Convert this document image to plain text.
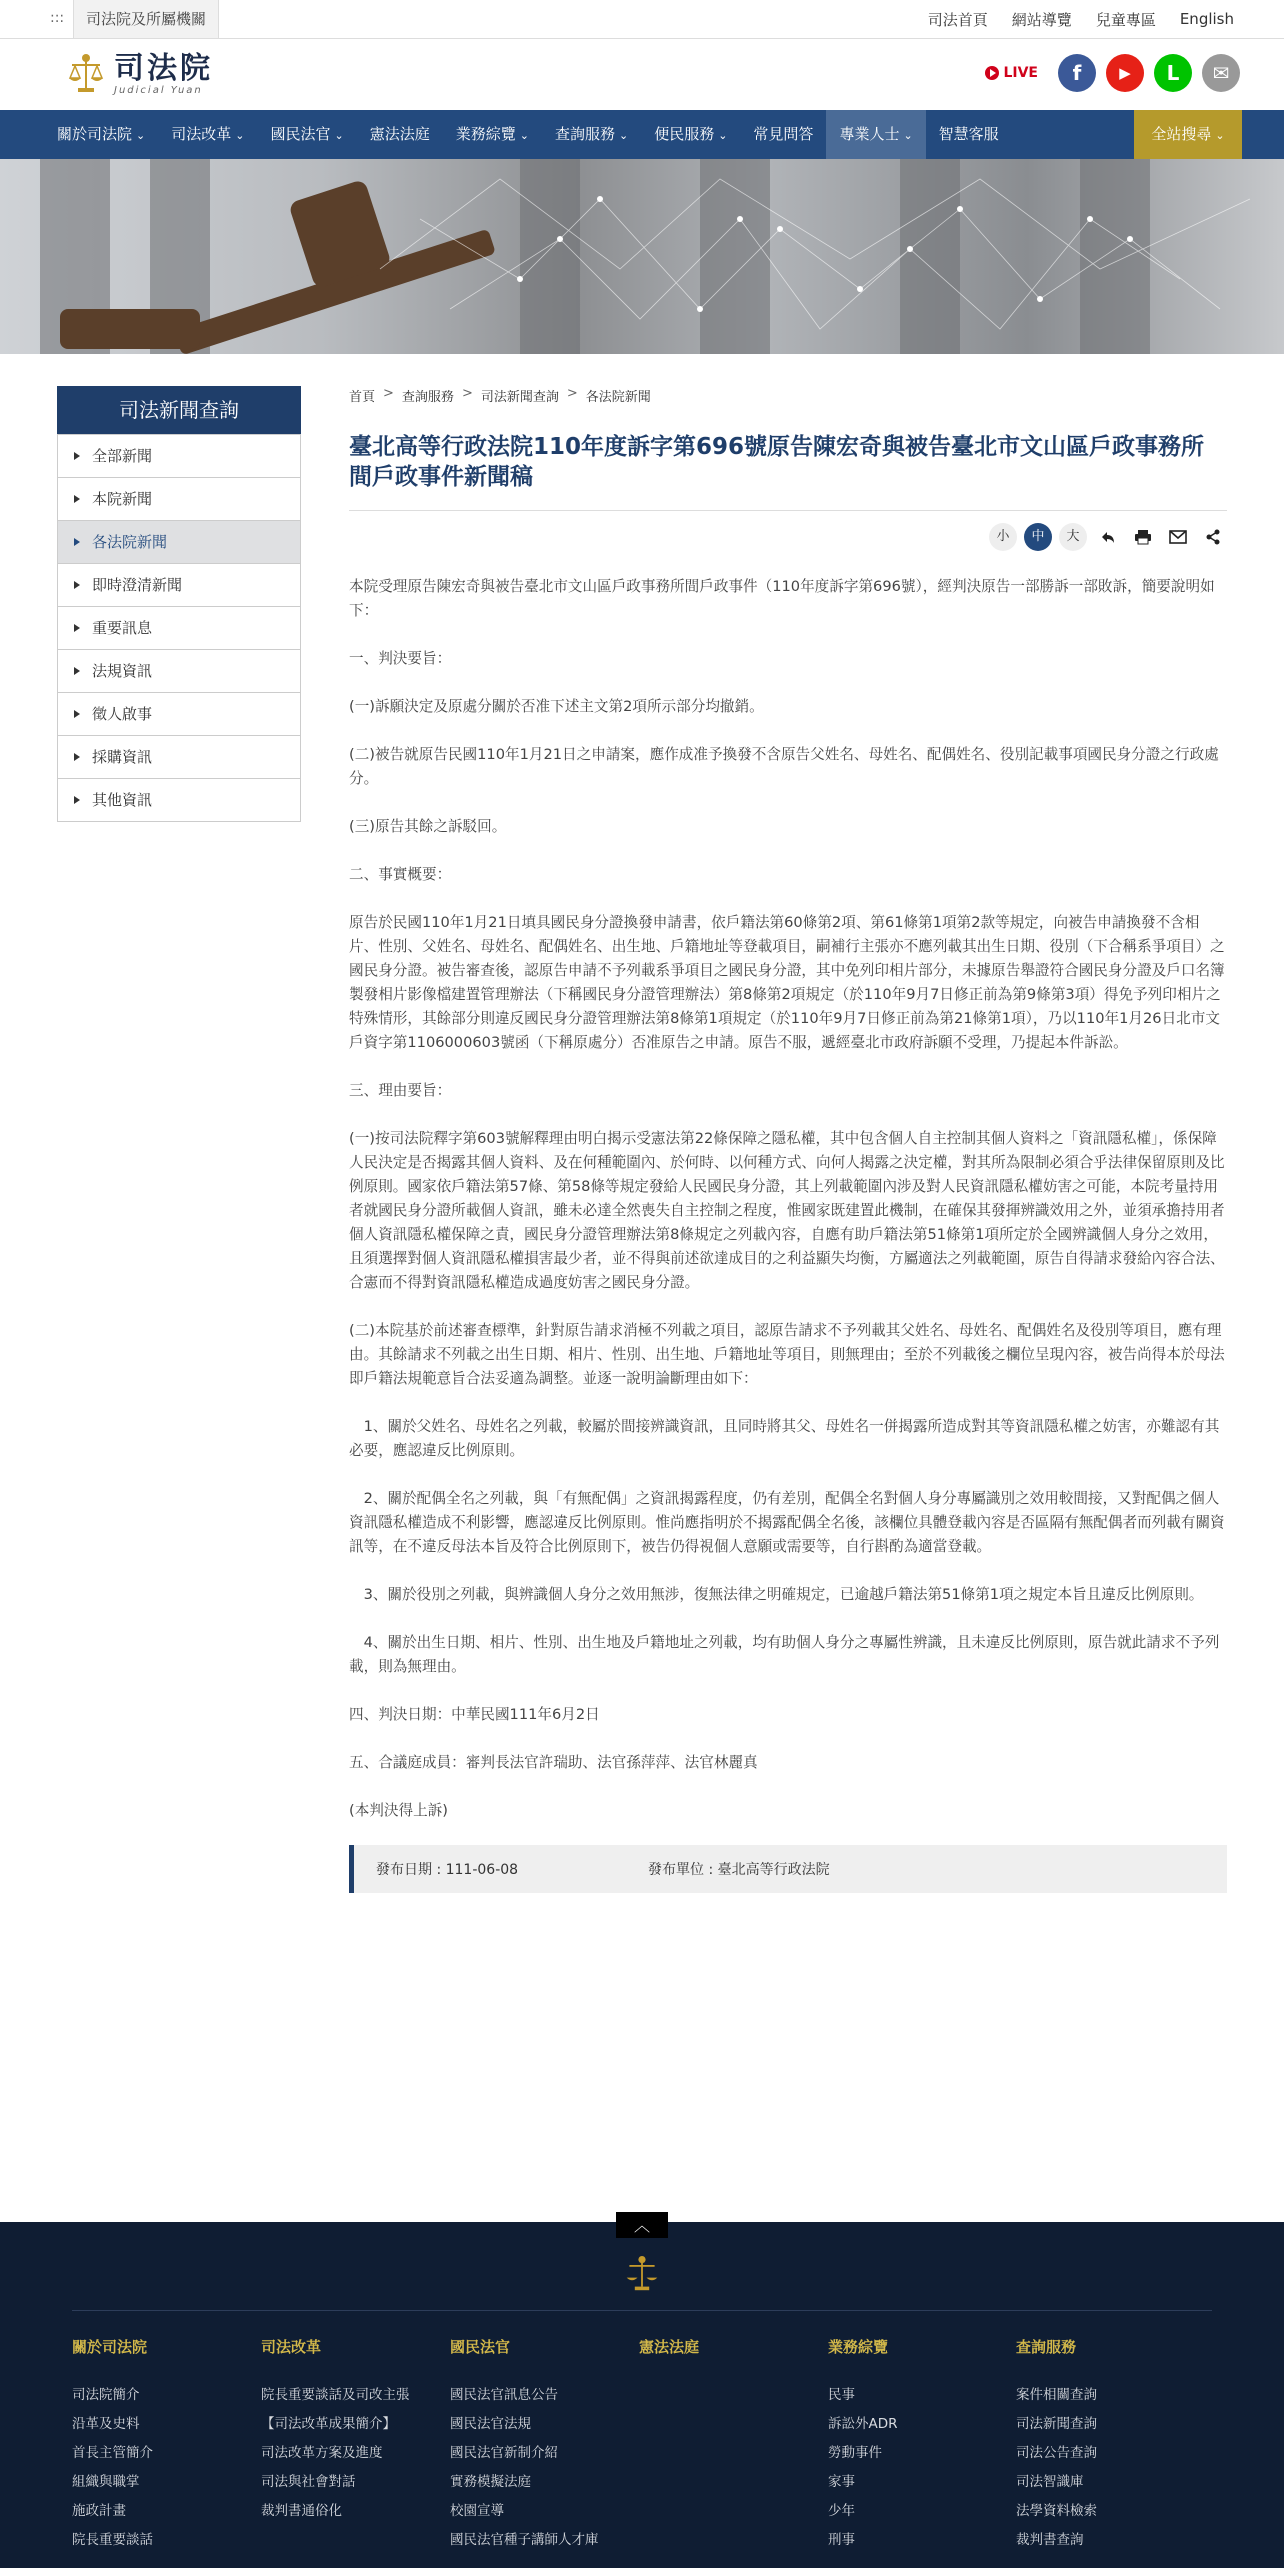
:::	司法院及所屬機關	司法首頁 網站導覽 兒童專區 English
司法院
Judicial Yuan
LIVE	f	▶	L	✉
關於司法院 ⌄	司法改革 ⌄	國民法官 ⌄	憲法法庭	業務綜覽 ⌄	查詢服務 ⌄	便民服務 ⌄	常見問答	專業人士 ⌄	智慧客服	全站搜尋 ⌄
司法新聞查詢
全部新聞
本院新聞
各法院新聞
即時澄清新聞
重要訊息
法規資訊
徵人啟事
採購資訊
其他資訊
首頁 > 查詢服務 > 司法新聞查詢 > 各法院新聞
臺北高等行政法院110年度訴字第696號原告陳宏奇與被告臺北市文山區戶政事務所間戶政事件新聞稿
小	中	大

本院受理原告陳宏奇與被告臺北市文山區戶政事務所間戶政事件（110年度訴字第696號），經判決原告一部勝訴一部敗訴，簡要說明如下：

一、判決要旨：

(一)訴願決定及原處分關於否准下述主文第2項所示部分均撤銷。

(二)被告就原告民國110年1月21日之申請案，應作成准予換發不含原告父姓名、母姓名、配偶姓名、役別記載事項國民身分證之行政處分。

(三)原告其餘之訴駁回。

二、事實概要：

原告於民國110年1月21日填具國民身分證換發申請書，依戶籍法第60條第2項、第61條第1項第2款等規定，向被告申請換發不含相片、性別、父姓名、母姓名、配偶姓名、出生地、戶籍地址等登載項目，嗣補行主張亦不應列載其出生日期、役別（下合稱系爭項目）之國民身分證。被告審查後，認原告申請不予列載系爭項目之國民身分證，其中免列印相片部分，未據原告舉證符合國民身分證及戶口名簿製發相片影像檔建置管理辦法（下稱國民身分證管理辦法）第8條第2項規定（於110年9月7日修正前為第9條第3項）得免予列印相片之特殊情形，其餘部分則違反國民身分證管理辦法第8條第1項規定（於110年9月7日修正前為第21條第1項），乃以110年1月26日北市文戶資字第1106000603號函（下稱原處分）否准原告之申請。原告不服，遞經臺北市政府訴願不受理，乃提起本件訴訟。

三、理由要旨：

(一)按司法院釋字第603號解釋理由明白揭示受憲法第22條保障之隱私權，其中包含個人自主控制其個人資料之「資訊隱私權」，係保障人民決定是否揭露其個人資料、及在何種範圍內、於何時、以何種方式、向何人揭露之決定權，對其所為限制必須合乎法律保留原則及比例原則。國家依戶籍法第57條、第58條等規定發給人民國民身分證，其上列載範圍內涉及對人民資訊隱私權妨害之可能，本院考量持用者就國民身分證所載個人資訊，雖未必達全然喪失自主控制之程度，惟國家既建置此機制，在確保其發揮辨識效用之外，並須承擔持用者個人資訊隱私權保障之責，國民身分證管理辦法第8條規定之列載內容，自應有助戶籍法第51條第1項所定於全國辨識個人身分之效用，且須選擇對個人資訊隱私權損害最少者，並不得與前述欲達成目的之利益顯失均衡，方屬適法之列載範圍，原告自得請求發給內容合法、合憲而不得對資訊隱私權造成過度妨害之國民身分證。

(二)本院基於前述審查標準，針對原告請求消極不列載之項目，認原告請求不予列載其父姓名、母姓名、配偶姓名及役別等項目，應有理由。其餘請求不列載之出生日期、相片、性別、出生地、戶籍地址等項目，則無理由；至於不列載後之欄位呈現內容，被告尚得本於母法即戶籍法規範意旨合法妥適為調整。並逐一說明論斷理由如下：

　1、關於父姓名、母姓名之列載，較屬於間接辨識資訊，且同時將其父、母姓名一併揭露所造成對其等資訊隱私權之妨害，亦難認有其必要，應認違反比例原則。

　2、關於配偶全名之列載，與「有無配偶」之資訊揭露程度，仍有差別，配偶全名對個人身分專屬識別之效用較間接，又對配偶之個人資訊隱私權造成不利影響，應認違反比例原則。惟尚應指明於不揭露配偶全名後，該欄位具體登載內容是否區隔有無配偶者而列載有關資訊等，在不違反母法本旨及符合比例原則下，被告仍得視個人意願或需要等，自行斟酌為適當登載。

　3、關於役別之列載，與辨識個人身分之效用無涉，復無法律之明確規定，已逾越戶籍法第51條第1項之規定本旨且違反比例原則。

　4、關於出生日期、相片、性別、出生地及戶籍地址之列載，均有助個人身分之專屬性辨識，且未違反比例原則，原告就此請求不予列載，則為無理由。

四、判決日期：中華民國111年6月2日

五、合議庭成員：審判長法官許瑞助、法官孫萍萍、法官林麗真

(本判決得上訴)

發布日期 : 111-06-08	發布單位 : 臺北高等行政法院
關於司法院
司法院簡介
沿革及史料
首長主管簡介
組織與職掌
施政計畫
院長重要談話
司法改革
院長重要談話及司改主張
【司法改革成果簡介】
司法改革方案及進度
司法與社會對話
裁判書通俗化
國民法官
國民法官訊息公告
國民法官法規
國民法官新制介紹
實務模擬法庭
校園宣導
國民法官種子講師人才庫
憲法法庭	業務綜覽
民事
訴訟外ADR
勞動事件
家事
少年
刑事
查詢服務
案件相關查詢
司法新聞查詢
司法公告查詢
司法智識庫
法學資料檢索
裁判書查詢
︿
